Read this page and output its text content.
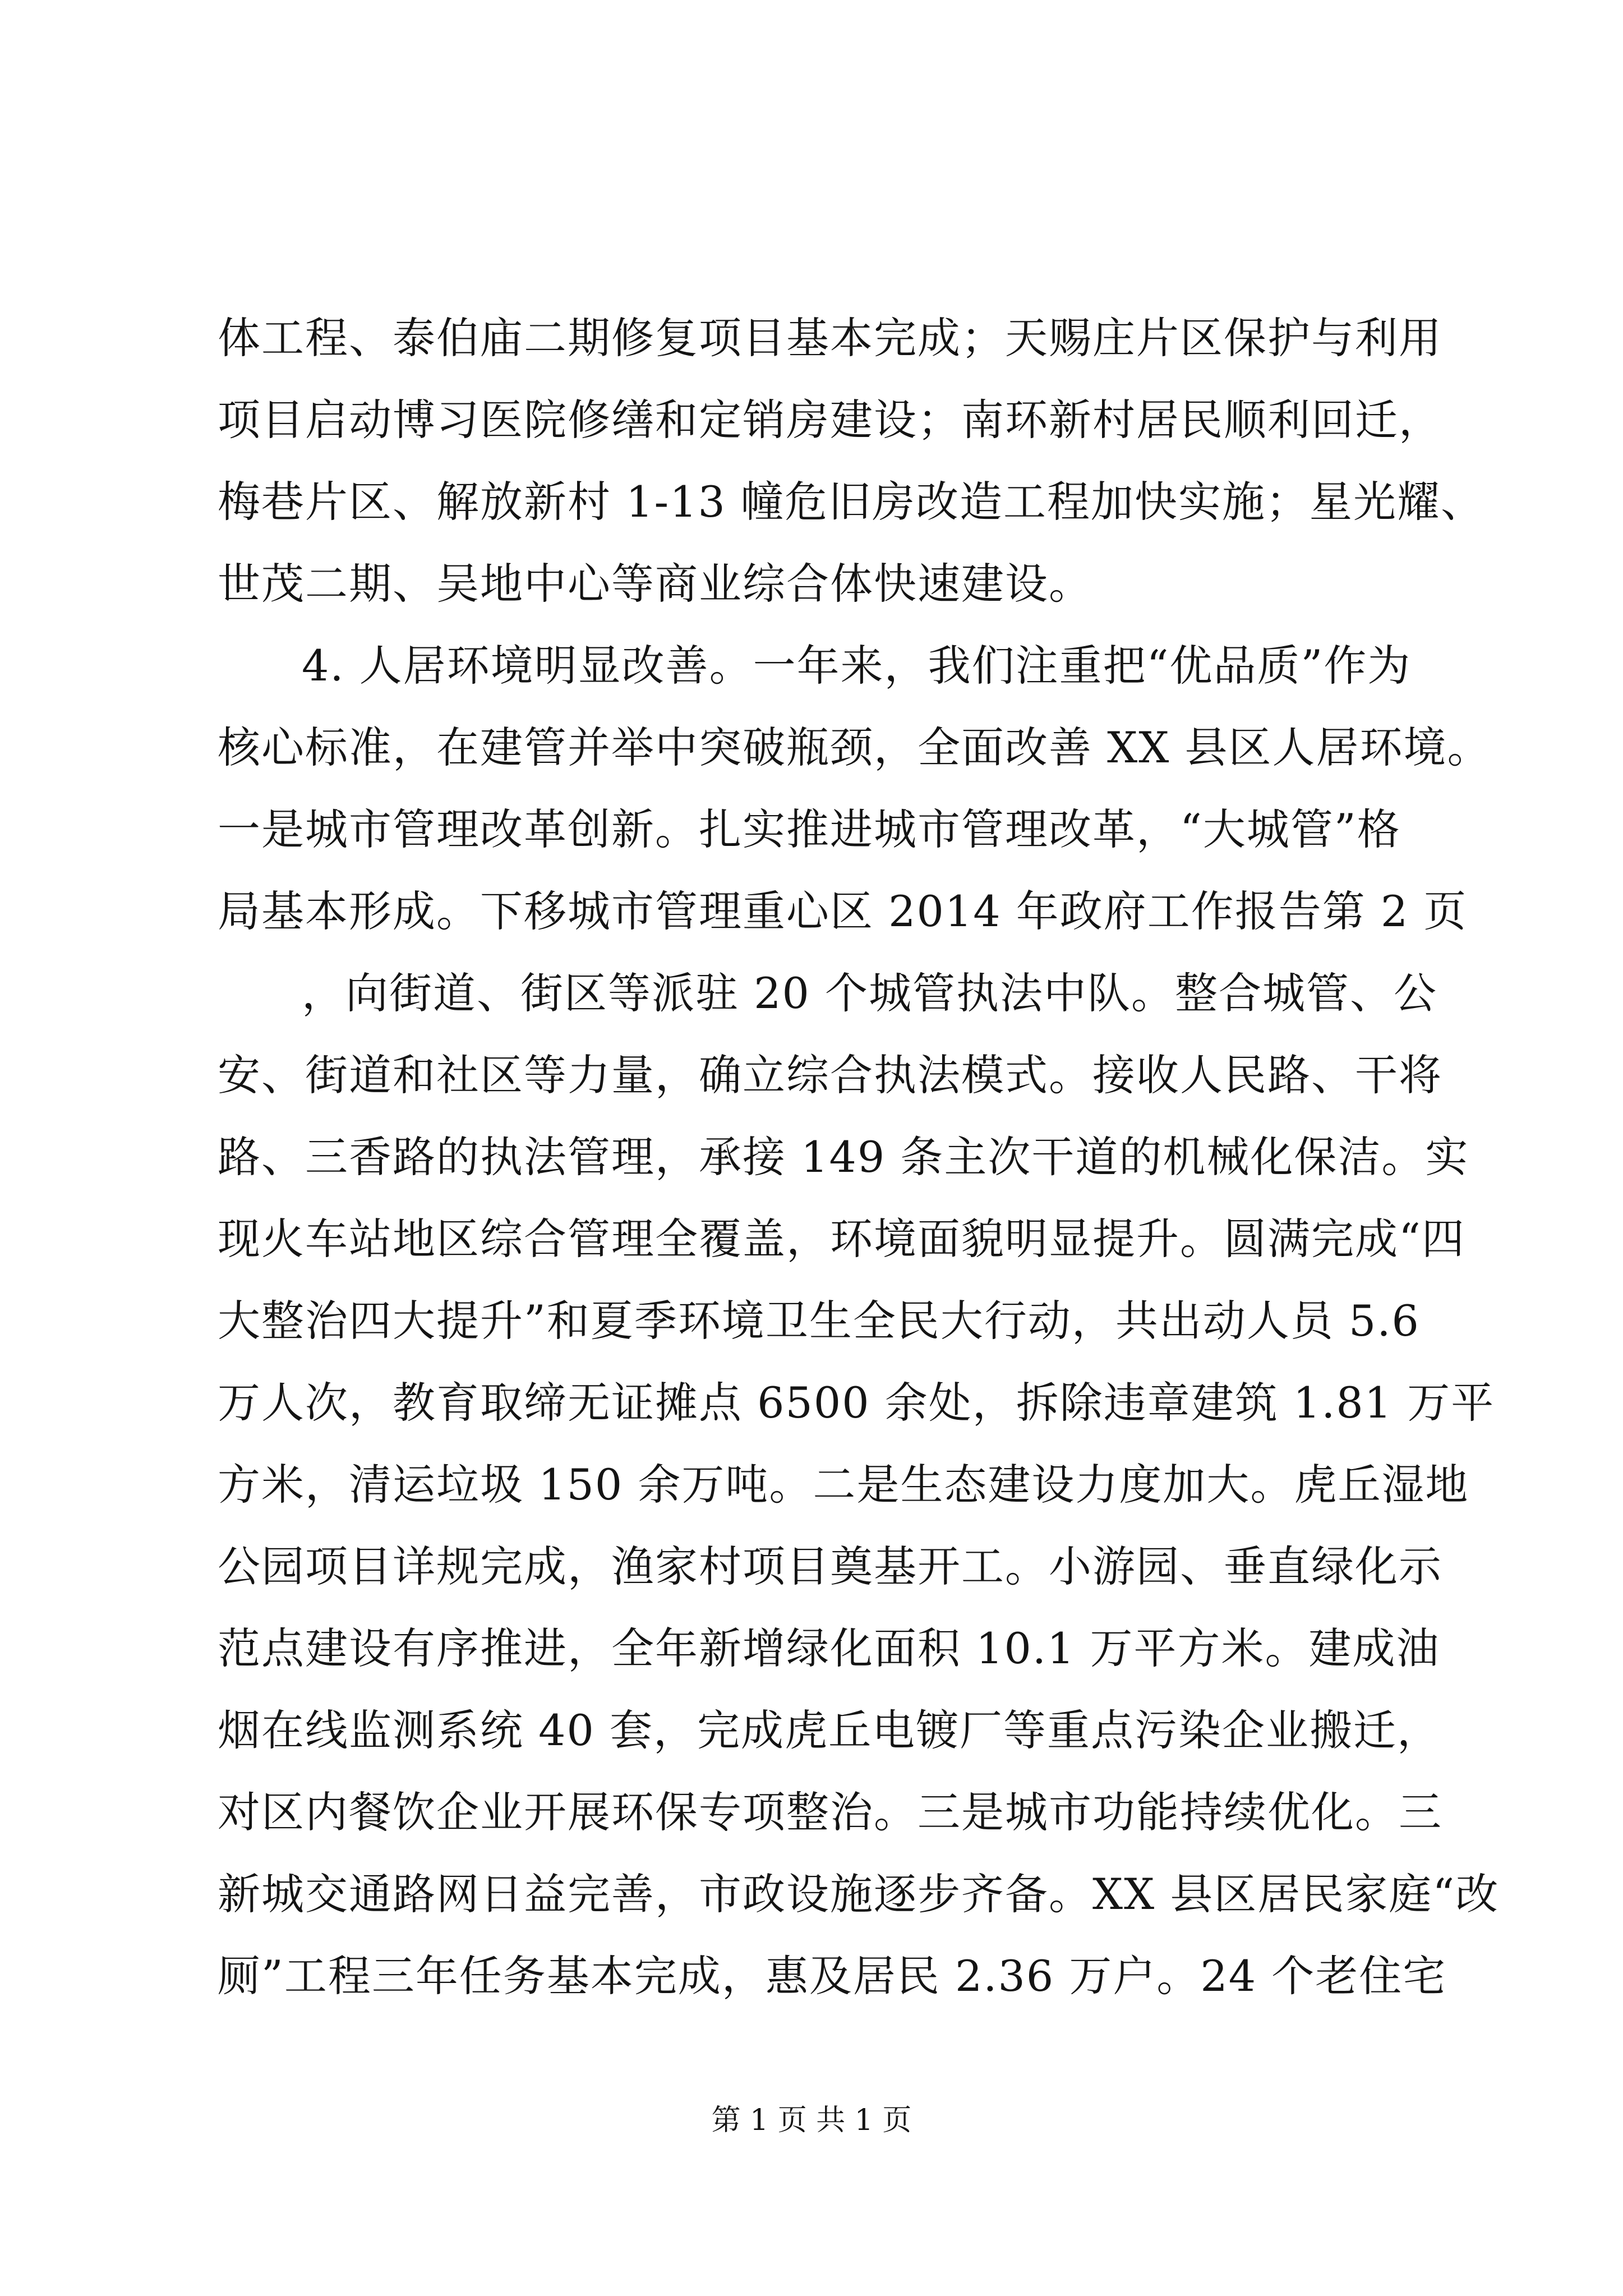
体工程、泰伯庙二期修复项目基本完成；天赐庄片区保护与利用
项目启动博习医院修缮和定销房建设；南环新村居民顺利回迁，
梅巷片区、解放新村 1-13 幢危旧房改造工程加快实施；星光耀、
世茂二期、吴地中心等商业综合体快速建设。
4. 人居环境明显改善。一年来，我们注重把“优品质”作为
核心标准，在建管并举中突破瓶颈，全面改善 XX 县区人居环境。
一是城市管理改革创新。扎实推进城市管理改革，“大城管”格
局基本形成。下移城市管理重心区 2014 年政府工作报告第 2 页
，向街道、街区等派驻 20 个城管执法中队。整合城管、公
安、街道和社区等力量，确立综合执法模式。接收人民路、干将
路、三香路的执法管理，承接 149 条主次干道的机械化保洁。实
现火车站地区综合管理全覆盖，环境面貌明显提升。圆满完成“四
大整治四大提升”和夏季环境卫生全民大行动，共出动人员 5.6
万人次，教育取缔无证摊点 6500 余处，拆除违章建筑 1.81 万平
方米，清运垃圾 150 余万吨。二是生态建设力度加大。虎丘湿地
公园项目详规完成，渔家村项目奠基开工。小游园、垂直绿化示
范点建设有序推进，全年新增绿化面积 10.1 万平方米。建成油
烟在线监测系统 40 套，完成虎丘电镀厂等重点污染企业搬迁，
对区内餐饮企业开展环保专项整治。三是城市功能持续优化。三
新城交通路网日益完善，市政设施逐步齐备。XX 县区居民家庭“改
厕”工程三年任务基本完成，惠及居民 2.36 万户。24 个老住宅
第 1 页 共 1 页
